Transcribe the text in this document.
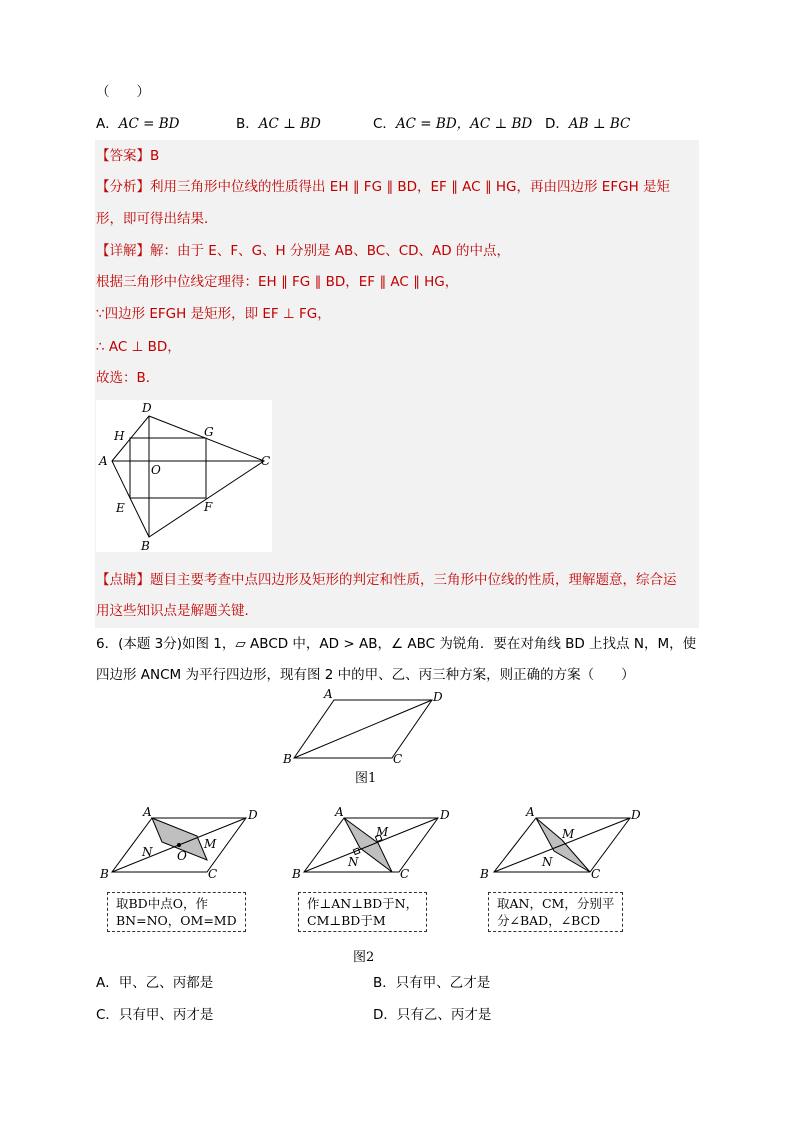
（　　）
A．AC = BD	B．AC ⊥ BD	C．AC = BD，AC ⊥ BD D．AB ⊥ BC
【答案】B
【分析】利用三角形中位线的性质得出 EH ∥ FG ∥ BD，EF ∥ AC ∥ HG，再由四边形 EFGH 是矩
形，即可得出结果．
【详解】解：由于 E、F、G、H 分别是 AB、BC、CD、AD 的中点，
根据三角形中位线定理得：EH ∥ FG ∥ BD，EF ∥ AC ∥ HG，
∵四边形 EFGH 是矩形，即 EF ⊥ FG，
∴ AC ⊥ BD，
故选：B．
D
H	G
A
O
C
E	F
B
【点睛】题目主要考查中点四边形及矩形的判定和性质，三角形中位线的性质，理解题意，综合运
用这些知识点是解题关键．
6．(本题 3分)如图 1，▱ ABCD 中，AD > AB，∠ ABC 为锐角．要在对角线 BD 上找点 N，M，使
四边形 ANCM 为平行四边形，现有图 2 中的甲、乙、丙三种方案，则正确的方案（　　）
A	D
B	C
图1
A	D
B	C
N
M
O
取BD中点O，作
BN=NO，OM=MD
A	D
B	C
N
M
作⊥AN⊥BD于N，
CM⊥BD于M
A	D
B	C
N
M
取AN，CM，分别平
分∠BAD，∠BCD
图2
A．甲、乙、丙都是	B．只有甲、乙才是
C．只有甲、丙才是	D．只有乙、丙才是
